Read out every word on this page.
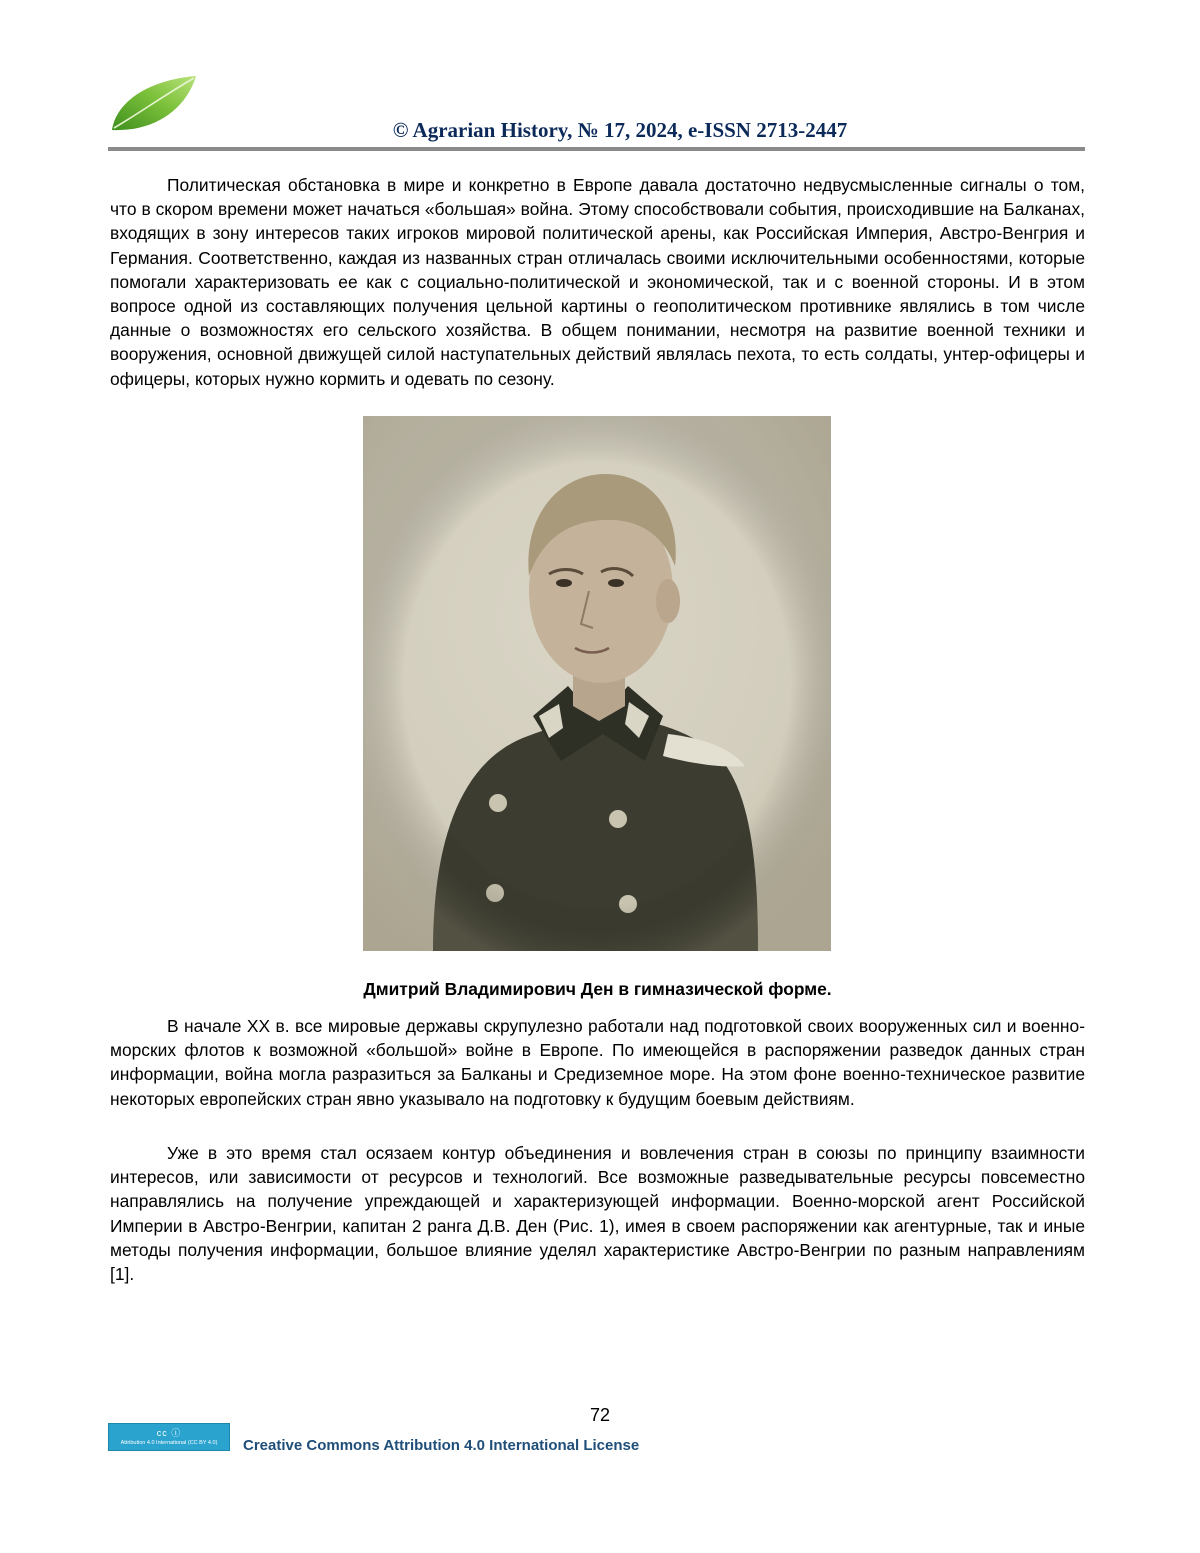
© Agrarian History, № 17, 2024, e-ISSN 2713-2447

Политическая обстановка в мире и конкретно в Европе давала достаточно недвусмысленные сигналы о том, что в скором времени может начаться «большая» война. Этому способствовали события, происходившие на Балканах, входящих в зону интересов таких игроков мировой политической арены, как Российская Империя, Австро-Венгрия и Германия. Соответственно, каждая из названных стран отличалась своими исключительными особенностями, которые помогали характеризовать ее как с социально-политической и экономической, так и с военной стороны. И в этом вопросе одной из составляющих получения цельной картины о геополитическом противнике являлись в том числе данные о возможностях его сельского хозяйства. В общем понимании, несмотря на развитие военной техники и вооружения, основной движущей силой наступательных действий являлась пехота, то есть солдаты, унтер-офицеры и офицеры, которых нужно кормить и одевать по сезону.

Дмитрий Владимирович Ден в гимназической форме.

В начале XX в. все мировые державы скрупулезно работали над подготовкой своих вооруженных сил и военно-морских флотов к возможной «большой» войне в Европе. По имеющейся в распоряжении разведок данных стран информации, война могла разразиться за Балканы и Средиземное море. На этом фоне военно-техническое развитие некоторых европейских стран явно указывало на подготовку к будущим боевым действиям.

Уже в это время стал осязаем контур объединения и вовлечения стран в союзы по принципу взаимности интересов, или зависимости от ресурсов и технологий. Все возможные разведывательные ресурсы повсеместно направлялись на получение упреждающей и характеризующей информации. Военно-морской агент Российской Империи в Австро-Венгрии, капитан 2 ранга Д.В. Ден (Рис. 1), имея в своем распоряжении как агентурные, так и иные методы получения информации, большое влияние уделял характеристике Австро-Венгрии по разным направлениям [1].

72
cc ⓘ
Attribution 4.0 International (CC BY 4.0)	Creative Commons Attribution 4.0 International License
